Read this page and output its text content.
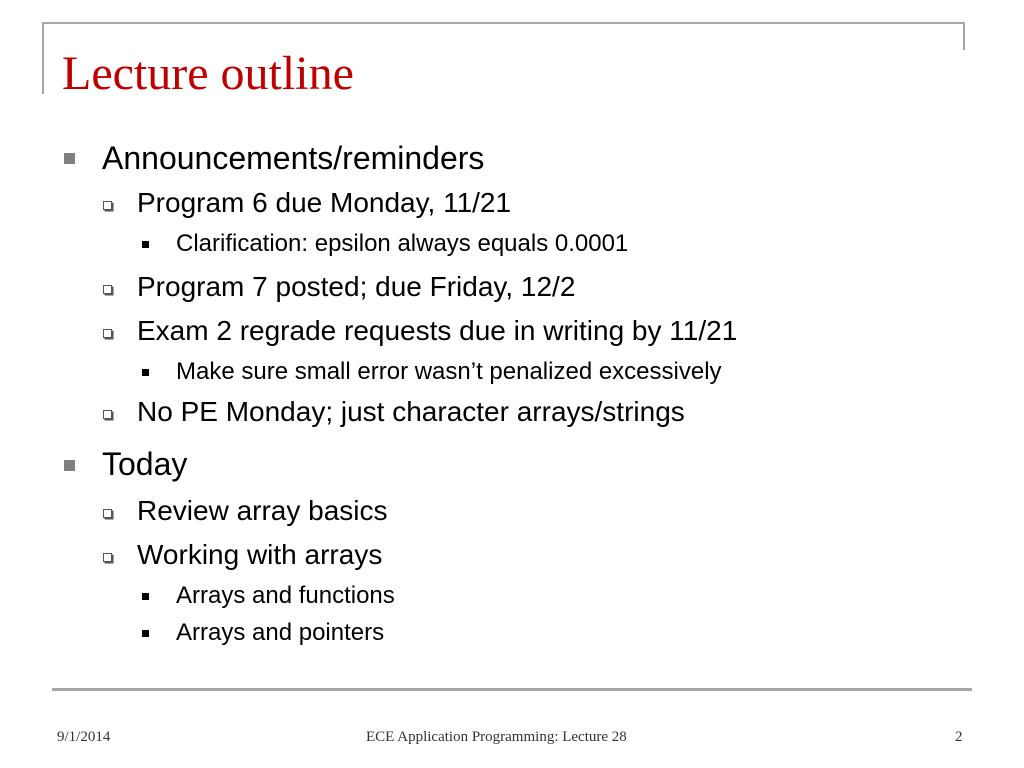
Lecture outline
Announcements/reminders
Program 6 due Monday, 11/21
Clarification: epsilon always equals 0.0001
Program 7 posted; due Friday, 12/2
Exam 2 regrade requests due in writing by 11/21
Make sure small error wasn’t penalized excessively
No PE Monday; just character arrays/strings
Today
Review array basics
Working with arrays
Arrays and functions
Arrays and pointers
9/1/2014	ECE Application Programming: Lecture 28	2
